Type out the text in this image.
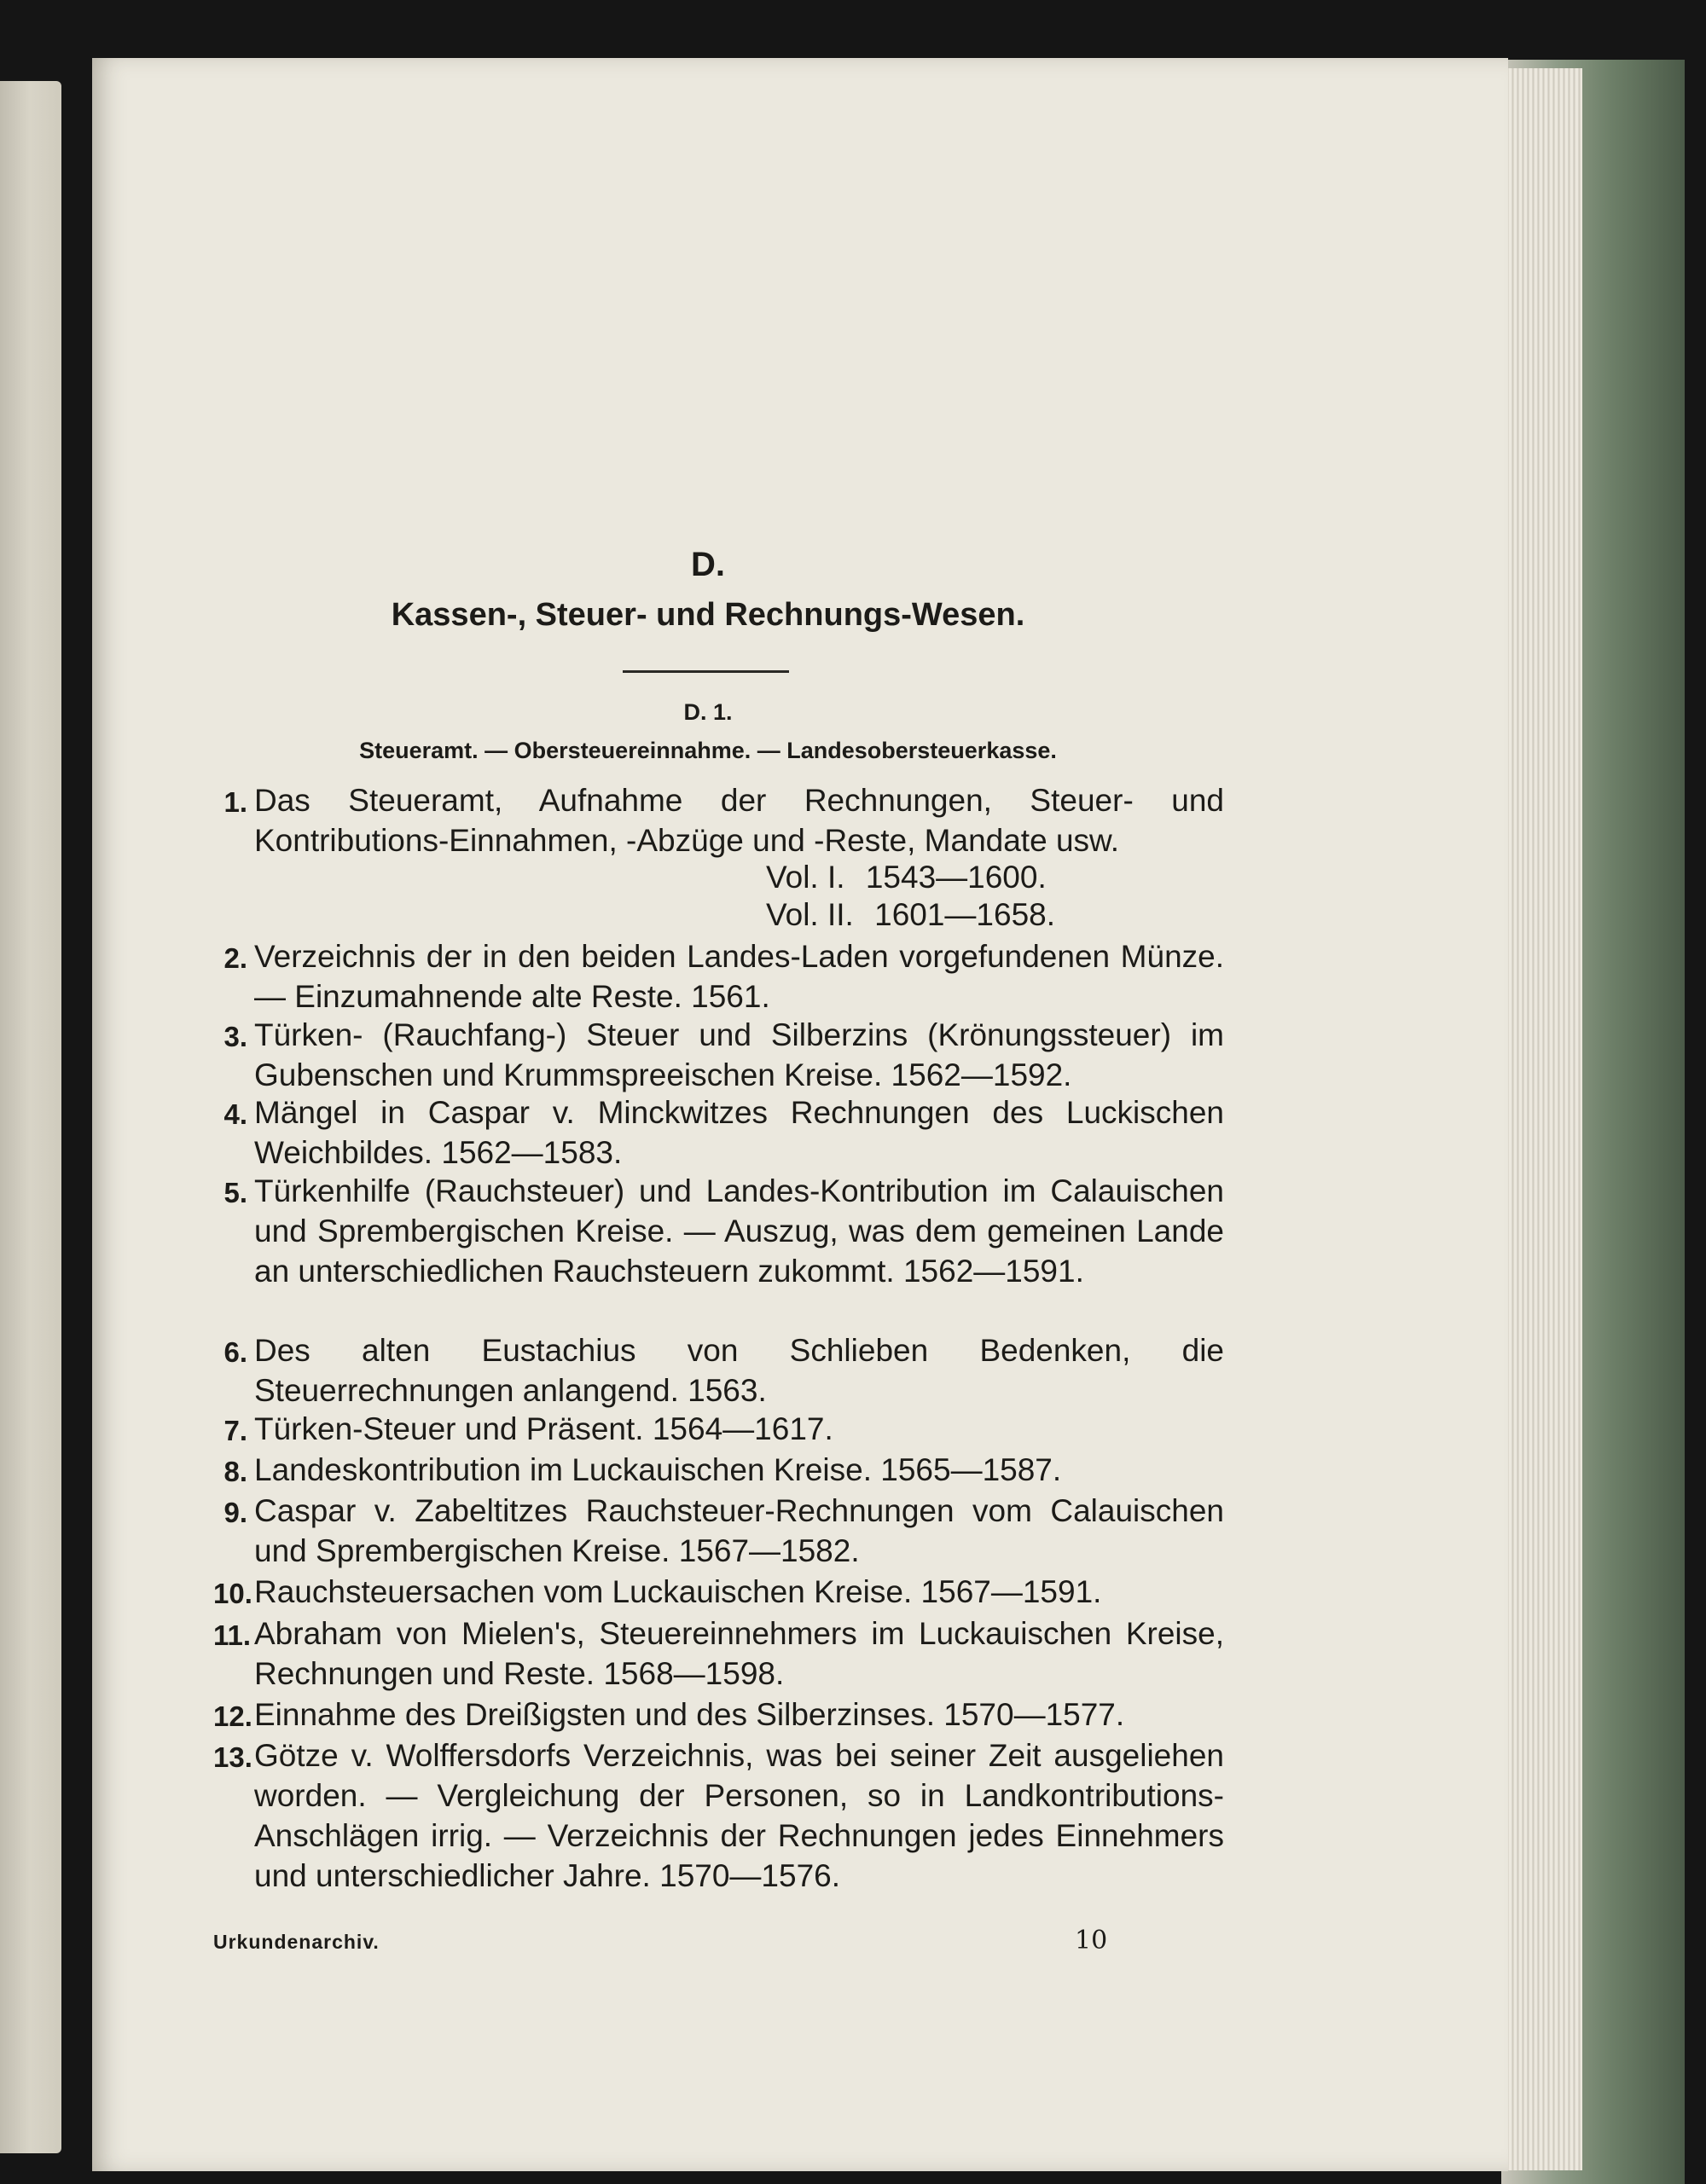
D.
Kassen-, Steuer- und Rechnungs-Wesen.
D. 1.
Steueramt. — Obersteuereinnahme. — Landesobersteuerkasse.
1. Das Steueramt, Aufnahme der Rechnungen, Steuer- und Kontributions-Einnahmen, -Abzüge und -Reste, Mandate usw.
Vol. I. 1543—1600.
Vol. II. 1601—1658.
2. Verzeichnis der in den beiden Landes-Laden vorgefundenen Münze. — Einzumahnende alte Reste. 1561.
3. Türken- (Rauchfang-) Steuer und Silberzins (Krönungssteuer) im Gubenschen und Krummspreeischen Kreise. 1562—1592.
4. Mängel in Caspar v. Minckwitzes Rechnungen des Luckischen Weichbildes. 1562—1583.
5. Türkenhilfe (Rauchsteuer) und Landes-Kontribution im Calauischen und Sprembergischen Kreise. — Auszug, was dem gemeinen Lande an unterschiedlichen Rauchsteuern zukommt. 1562—1591.
6. Des alten Eustachius von Schlieben Bedenken, die Steuerrechnungen anlangend. 1563.
7. Türken-Steuer und Präsent. 1564—1617.
8. Landeskontribution im Luckauischen Kreise. 1565—1587.
9. Caspar v. Zabeltitzes Rauchsteuer-Rechnungen vom Calauischen und Sprembergischen Kreise. 1567—1582.
10. Rauchsteuersachen vom Luckauischen Kreise. 1567—1591.
11. Abraham von Mielen's, Steuereinnehmers im Luckauischen Kreise, Rechnungen und Reste. 1568—1598.
12. Einnahme des Dreißigsten und des Silberzinses. 1570—1577.
13. Götze v. Wolffersdorfs Verzeichnis, was bei seiner Zeit ausgeliehen worden. — Vergleichung der Personen, so in Landkontributions-Anschlägen irrig. — Verzeichnis der Rechnungen jedes Einnehmers und unterschiedlicher Jahre. 1570—1576.
Urkundenarchiv.	10
